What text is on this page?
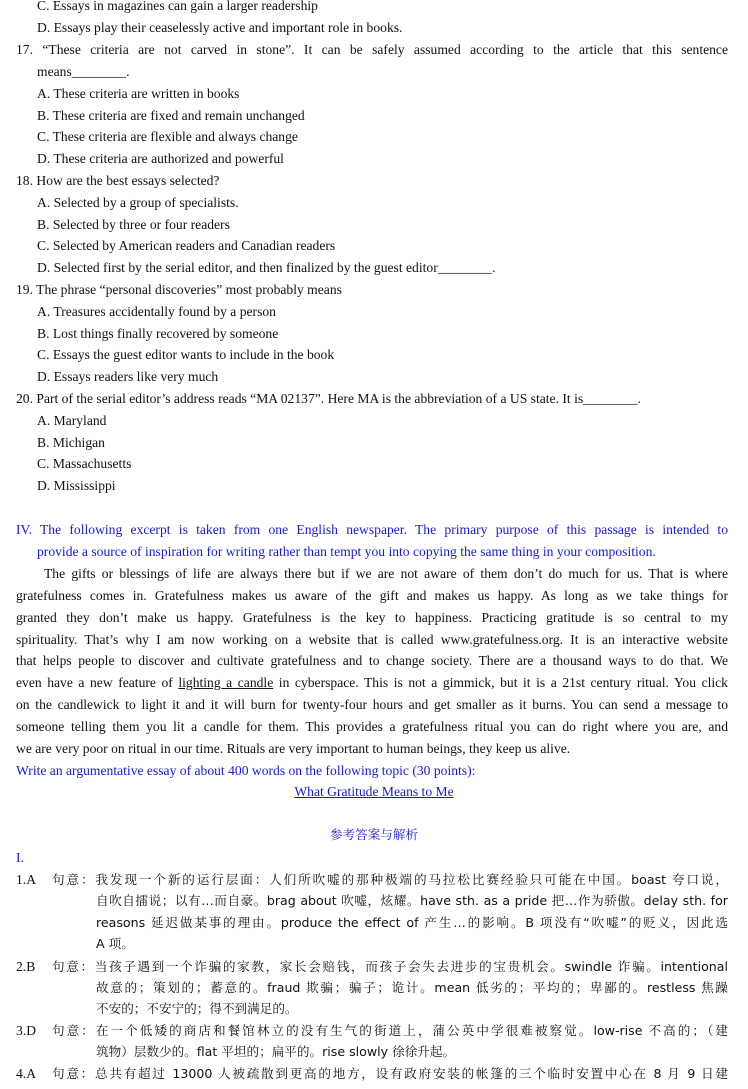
C. Essays in magazines can gain a larger readership
D. Essays play their ceaselessly active and important role in books.
17. “These criteria are not carved in stone”. It can be safely assumed according to the article that this sentence
means________.
A. These criteria are written in books
B. These criteria are fixed and remain unchanged
C. These criteria are flexible and always change
D. These criteria are authorized and powerful
18. How are the best essays selected?
A. Selected by a group of specialists.
B. Selected by three or four readers
C. Selected by American readers and Canadian readers
D. Selected first by the serial editor, and then finalized by the guest editor________.
19. The phrase “personal discoveries” most probably means
A. Treasures accidentally found by a person
B. Lost things finally recovered by someone
C. Essays the guest editor wants to include in the book
D. Essays readers like very much
20. Part of the serial editor’s address reads “MA 02137”. Here MA is the abbreviation of a US state. It is________.
A. Maryland
B. Michigan
C. Massachusetts
D. Mississippi
IV. The following excerpt is taken from one English newspaper. The primary purpose of this passage is intended to
provide a source of inspiration for writing rather than tempt you into copying the same thing in your composition.
The gifts or blessings of life are always there but if we are not aware of them don’t do much for us. That is where
gratefulness comes in. Gratefulness makes us aware of the gift and makes us happy. As long as we take things for
granted they don’t make us happy. Gratefulness is the key to happiness. Practicing gratitude is so central to my
spirituality. That’s why I am now working on a website that is called www.gratefulness.org. It is an interactive website
that helps people to discover and cultivate gratefulness and to change society. There are a thousand ways to do that. We
even have a new feature of lighting a candle in cyberspace. This is not a gimmick, but it is a 21st century ritual. You click
on the candlewick to light it and it will burn for twenty-four hours and get smaller as it burns. You can send a message to
someone telling them you lit a candle for them. This provides a gratefulness ritual you can do right where you are, and
we are very poor on ritual in our time. Rituals are very important to human beings, they keep us alive.
Write an argumentative essay of about 400 words on the following topic (30 points):
What Gratitude Means to Me
参考答案与解析
I.
1.A	句意：我发现一个新的运行层面：人们所吹嘘的那种极端的马拉松比赛经验只可能在中国。boast 夸口说，
自吹自擂说；以有…而自豪。brag about 吹嘘，炫耀。have sth. as a pride 把…作为骄傲。delay sth. for
reasons 延迟做某事的理由。produce the effect of 产生…的影响。B 项没有“吹嘘”的贬义，因此选
A 项。
2.B	句意：当孩子遇到一个诈骗的家教，家长会赔钱，而孩子会失去进步的宝贵机会。swindle 诈骗。intentional
故意的；策划的；蓄意的。fraud 欺骗；骗子；诡计。mean 低劣的；平均的；卑鄙的。restless 焦躁
不安的；不安宁的；得不到满足的。
3.D	句意：在一个低矮的商店和餐馆林立的没有生气的街道上，蒲公英中学很难被察觉。low-rise 不高的；（建
筑物）层数少的。flat 平坦的；扁平的。rise slowly 徐徐升起。
4.A	句意：总共有超过 13000 人被疏散到更高的地方，设有政府安装的帐篷的三个临时安置中心在 8 月 9 日建
